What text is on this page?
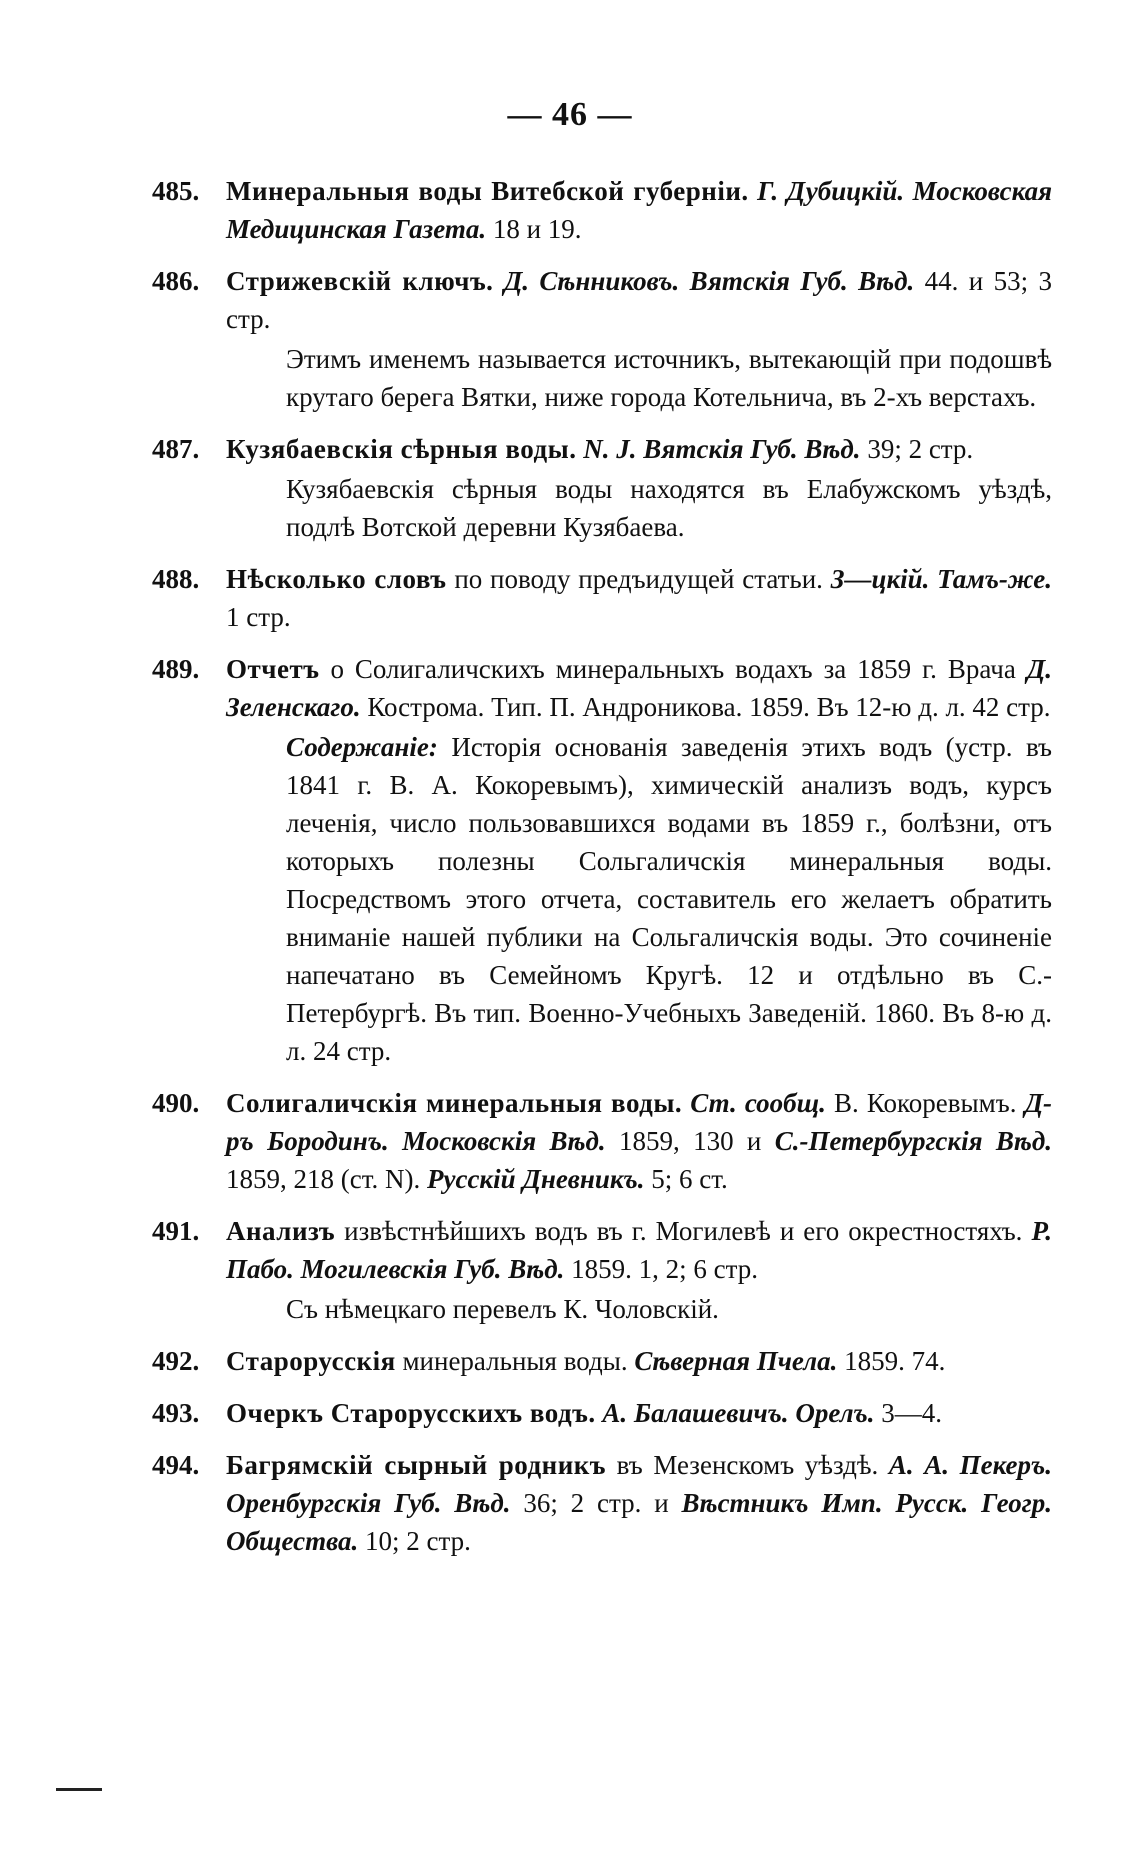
— 46 —
485. Минеральныя воды Витебской губерніи. Г. Дубицкій. Московская Медицинская Газета. 18 и 19.

486. Стрижевскій ключъ. Д. Сѣнниковъ. Вятскія Губ. Вѣд. 44. и 53; 3 стр.

Этимъ именемъ называется источникъ, вытекающій при подошвѣ крутаго берега Вятки, ниже города Котельнича, въ 2-хъ верстахъ.

487. Кузябаевскія сѣрныя воды. N. J. Вятскія Губ. Вѣд. 39; 2 стр.

Кузябаевскія сѣрныя воды находятся въ Елабужскомъ уѣздѣ, подлѣ Вотской деревни Кузябаева.

488. Нѣсколько словъ по поводу предъидущей статьи. З—цкій. Тамъ-же. 1 стр.

489. Отчетъ о Солигаличскихъ минеральныхъ водахъ за 1859 г. Врача Д. Зеленскаго. Кострома. Тип. П. Андроникова. 1859. Въ 12-ю д. л. 42 стр.

Содержаніе: Исторія основанія заведенія этихъ водъ (устр. въ 1841 г. В. А. Кокоревымъ), химическій анализъ водъ, курсъ леченія, число пользовавшихся водами въ 1859 г., болѣзни, отъ которыхъ полезны Сольгаличскія минеральныя воды. Посредствомъ этого отчета, составитель его желаетъ обратить вниманіе нашей публики на Сольгаличскія воды. Это сочиненіе напечатано въ Семейномъ Кругѣ. 12 и отдѣльно въ С.-Петербургѣ. Въ тип. Военно-Учебныхъ Заведеній. 1860. Въ 8-ю д. л. 24 стр.

490. Солигаличскія минеральныя воды. Ст. сообщ. В. Кокоревымъ. Д-ръ Бородинъ. Московскія Вѣд. 1859, 130 и С.-Петербургскія Вѣд. 1859, 218 (ст. N). Русскій Дневникъ. 5; 6 ст.

491. Анализъ извѣстнѣйшихъ водъ въ г. Могилевѣ и его окрестностяхъ. Р. Пабо. Могилевскія Губ. Вѣд. 1859. 1, 2; 6 стр.

Съ нѣмецкаго перевелъ К. Чоловскій.

492. Старорусскія минеральныя воды. Сѣверная Пчела. 1859. 74.

493. Очеркъ Старорусскихъ водъ. А. Балашевичъ. Орелъ. 3—4.

494. Багрямскій сырный родникъ въ Мезенскомъ уѣздѣ. А. А. Пекеръ. Оренбургскія Губ. Вѣд. 36; 2 стр. и Вѣстникъ Имп. Русск. Геогр. Общества. 10; 2 стр.
